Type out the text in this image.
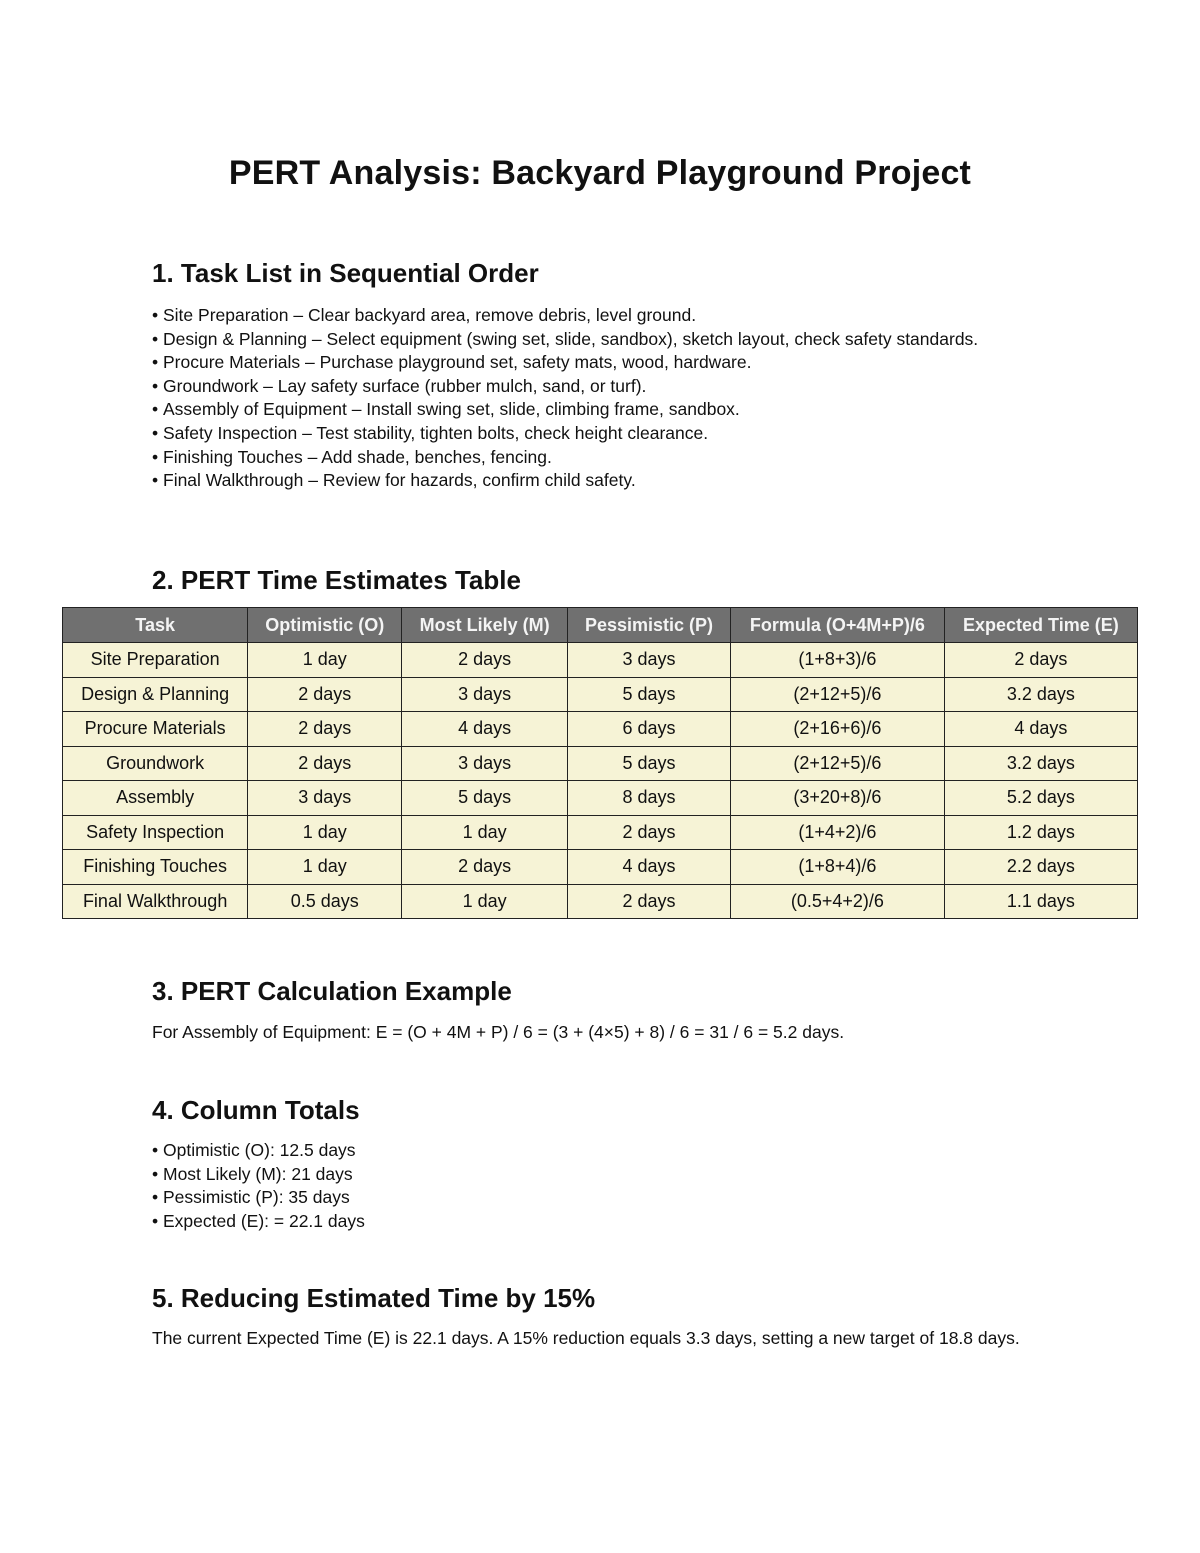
PERT Analysis: Backyard Playground Project
1. Task List in Sequential Order
• Site Preparation – Clear backyard area, remove debris, level ground.
• Design & Planning – Select equipment (swing set, slide, sandbox), sketch layout, check safety standards.
• Procure Materials – Purchase playground set, safety mats, wood, hardware.
• Groundwork – Lay safety surface (rubber mulch, sand, or turf).
• Assembly of Equipment – Install swing set, slide, climbing frame, sandbox.
• Safety Inspection – Test stability, tighten bolts, check height clearance.
• Finishing Touches – Add shade, benches, fencing.
• Final Walkthrough – Review for hazards, confirm child safety.
2. PERT Time Estimates Table
Task	Optimistic (O)	Most Likely (M)	Pessimistic (P)	Formula (O+4M+P)/6	Expected Time (E)
Site Preparation	1 day	2 days	3 days	(1+8+3)/6	2 days
Design & Planning	2 days	3 days	5 days	(2+12+5)/6	3.2 days
Procure Materials	2 days	4 days	6 days	(2+16+6)/6	4 days
Groundwork	2 days	3 days	5 days	(2+12+5)/6	3.2 days
Assembly	3 days	5 days	8 days	(3+20+8)/6	5.2 days
Safety Inspection	1 day	1 day	2 days	(1+4+2)/6	1.2 days
Finishing Touches	1 day	2 days	4 days	(1+8+4)/6	2.2 days
Final Walkthrough	0.5 days	1 day	2 days	(0.5+4+2)/6	1.1 days
3. PERT Calculation Example

For Assembly of Equipment: E = (O + 4M + P) / 6 = (3 + (4×5) + 8) / 6 = 31 / 6 = 5.2 days.

4. Column Totals
• Optimistic (O): 12.5 days
• Most Likely (M): 21 days
• Pessimistic (P): 35 days
• Expected (E): = 22.1 days
5. Reducing Estimated Time by 15%

The current Expected Time (E) is 22.1 days. A 15% reduction equals 3.3 days, setting a new target of 18.8 days.
